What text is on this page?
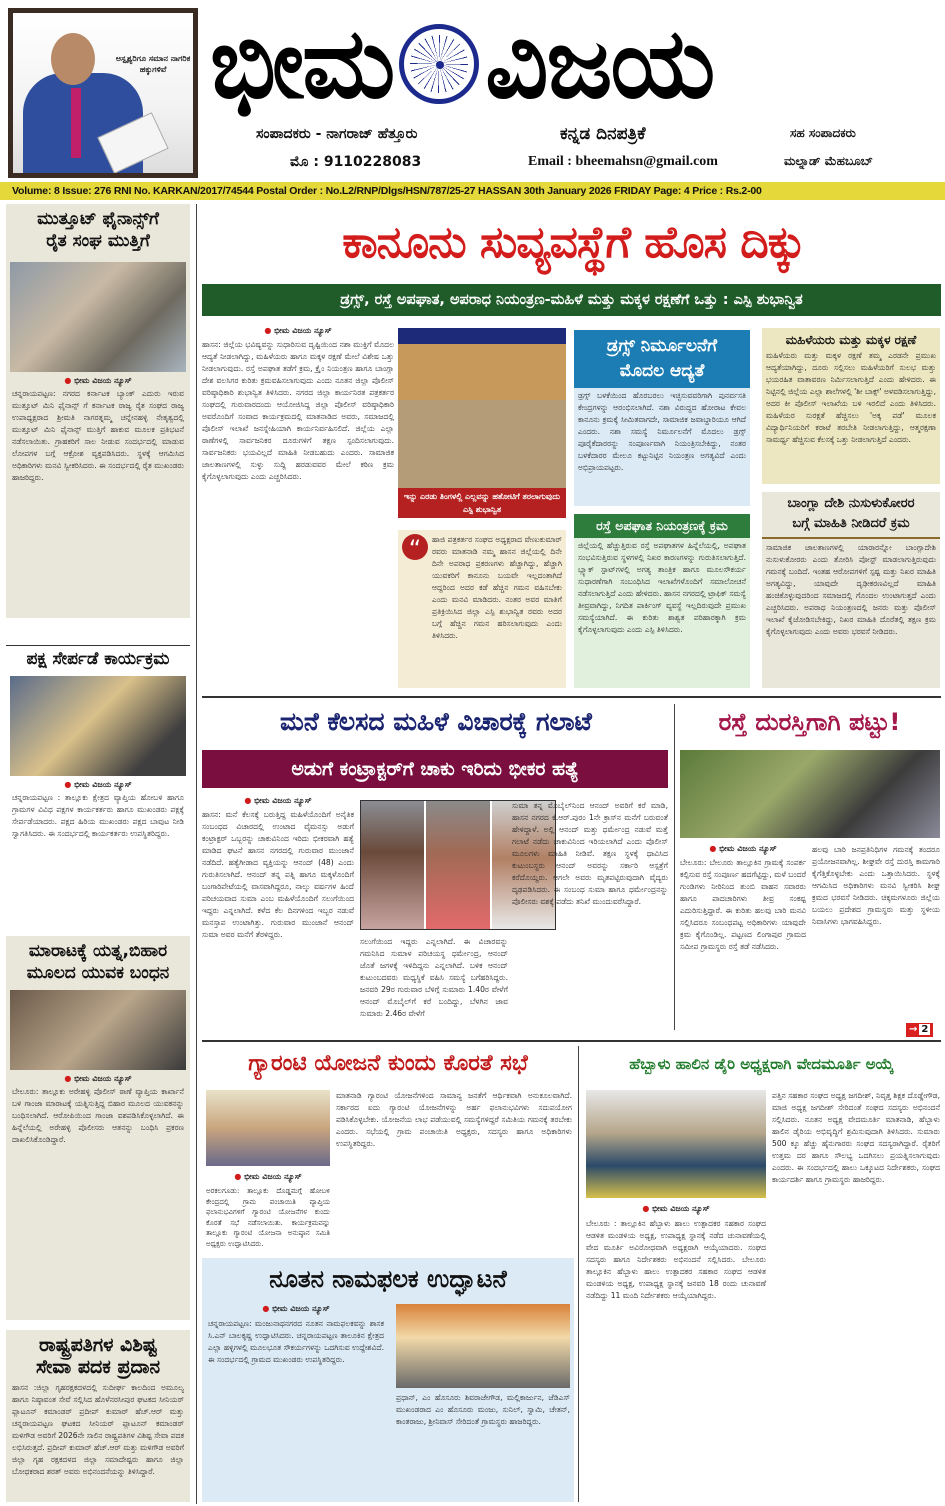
ಅಸ್ಪೃಶ್ಯರಿಗೂ ಸಮಾನ ನಾಗರಿಕ ಹಕ್ಕುಗಳಿವೆ ಭೀಮ ವಿಜಯ
ಸಂಪಾದಕರು - ನಾಗರಾಜ್ ಹೆತ್ತೂರು
ಮೊ : 9110228083
ಕನ್ನಡ ದಿನಪತ್ರಿಕೆ
Email : bheemahsn@gmail.com
ಸಹ ಸಂಪಾದಕರು
ಮಲ್ನಾಡ್ ಮೆಹಬೂಬ್
Volume: 8 Issue: 276 RNI No. KARKAN/2017/74544 Postal Order : No.L2/RNP/Dlgs/HSN/787/25-27 HASSAN 30th January 2026 FRIDAY Page: 4 Price : Rs.2-00
ಮುತ್ತೂಟ್ ಫೈನಾನ್ಸ್‌ಗೆ
ರೈತ ಸಂಘ ಮುತ್ತಿಗೆ
● ಭೀಮ ವಿಜಯ ನ್ಯೂಸ್
ಚನ್ನರಾಯಪಟ್ಟಣ: ನಗರದ ಕರ್ನಾಟಕ ಬ್ಯಾಂಕ್ ಎದುರು ಇರುವ ಮುತ್ತೂಟ್ ಮಿನಿ ಫೈನಾನ್ಸ್ ಗೆ ಕರ್ನಾಟಕ ರಾಜ್ಯ ರೈತ ಸಂಘದ ರಾಜ್ಯ ಉಪಾಧ್ಯಕ್ಷರಾದ ಶ್ರೀಮತಿ ನಾಗರತ್ನಮ್ಮ ಚನ್ನೇನಹಳ್ಳಿ ನೇತೃತ್ವದಲ್ಲಿ ಮುತ್ತೂಟ್ ಮಿನಿ ಫೈನಾನ್ಸ್ ಮುತ್ತಿಗೆ ಹಾಕುವ ಮೂಲಕ ಪ್ರತಿಭಟನೆ ನಡೆಸಲಾಯಿತು. ಗ್ರಾಹಕರಿಗೆ ಸಾಲ ನೀಡುವ ಸಂದರ್ಭದಲ್ಲಿ ಮಾಡುವ ಲೋಪಗಳ ಬಗ್ಗೆ ಆಕ್ರೋಶ ವ್ಯಕ್ತಪಡಿಸಿದರು. ಸ್ಥಳಕ್ಕೆ ಆಗಮಿಸಿದ ಅಧಿಕಾರಿಗಳು ಮನವಿ ಸ್ವೀಕರಿಸಿದರು. ಈ ಸಂದರ್ಭದಲ್ಲಿ ರೈತ ಮುಖಂಡರು ಹಾಜರಿದ್ದರು.
ಪಕ್ಷ ಸೇರ್ಪಡೆ ಕಾರ್ಯಕ್ರಮ
● ಭೀಮ ವಿಜಯ ನ್ಯೂಸ್
ಚನ್ನರಾಯಪಟ್ಟಣ : ತಾಲ್ಲೂಕು ಕ್ಷೇತ್ರದ ವ್ಯಾಪ್ತಿಯ ಹೋಬಳಿ ಹಾಗೂ ಗ್ರಾಮಗಳ ವಿವಿಧ ಪಕ್ಷಗಳ ಕಾರ್ಯಕರ್ತರು ಹಾಗೂ ಮುಖಂಡರು ಪಕ್ಷಕ್ಕೆ ಸೇರ್ಪಡೆಯಾದರು. ಪಕ್ಷದ ಹಿರಿಯ ಮುಖಂಡರು ಪಕ್ಷದ ಬಾವುಟ ನೀಡಿ ಸ್ವಾಗತಿಸಿದರು. ಈ ಸಂದರ್ಭದಲ್ಲಿ ಕಾರ್ಯಕರ್ತರು ಉಪಸ್ಥಿತರಿದ್ದರು.
ಮಾರಾಟಕ್ಕೆ ಯತ್ನ,ಬಿಹಾರ
ಮೂಲದ ಯುವಕ ಬಂಧನ
● ಭೀಮ ವಿಜಯ ನ್ಯೂಸ್
ಬೇಲೂರು: ತಾಲ್ಲೂಕು ಅರೇಹಳ್ಳಿ ಪೊಲೀಸ್ ಠಾಣೆ ವ್ಯಾಪ್ತಿಯ ಕಾರ್ಖಾನೆ ಬಳಿ ಗಾಂಜಾ ಮಾರಾಟಕ್ಕೆ ಯತ್ನಿಸುತ್ತಿದ್ದ ಬಿಹಾರ ಮೂಲದ ಯುವಕನನ್ನು ಬಂಧಿಸಲಾಗಿದೆ. ಆರೋಪಿಯಿಂದ ಗಾಂಜಾ ವಶಪಡಿಸಿಕೊಳ್ಳಲಾಗಿದೆ. ಈ ಹಿನ್ನೆಲೆಯಲ್ಲಿ ಅರೇಹಳ್ಳಿ ಪೊಲೀಸರು ಆತನನ್ನು ಬಂಧಿಸಿ ಪ್ರಕರಣ ದಾಖಲಿಸಿಕೊಂಡಿದ್ದಾರೆ.
ರಾಷ್ಟ್ರಪತಿಗಳ ವಿಶಿಷ್ಟ
ಸೇವಾ ಪದಕ ಪ್ರದಾನ
ಹಾಸನ :ಜಿಲ್ಲಾ ಗೃಹರಕ್ಷಕದಳದಲ್ಲಿ ಸುದೀರ್ಘ ಕಾಲದಿಂದ ಅಮೂಲ್ಯ ಹಾಗೂ ನಿಷ್ಠಾವಂತ ಸೇವೆ ಸಲ್ಲಿಸಿದ ಹೊಳೆನರಸೀಪುರ ಘಟಕದ ಸೀನಿಯರ್ ಪ್ಲಾಟೂನ್ ಕಮಾಂಡರ್ ಪ್ರದೀಪ್ ಕುಮಾರ್ ಹೆಚ್.ಆರ್ ಮತ್ತು ಚನ್ನರಾಯಪಟ್ಟಣ ಘಟಕದ ಸೀನಿಯರ್ ಪ್ಲಾಟೂನ್ ಕಮಾಂಡರ್ ಮಳಿಗೌಡ ಅವರಿಗೆ 2026ನೇ ಸಾಲಿನ ರಾಷ್ಟ್ರಪತಿಗಳ ವಿಶಿಷ್ಟ ಸೇವಾ ಪದಕ ಲಭಿಸಿರುತ್ತದೆ. ಪ್ರದೀಪ್ ಕುಮಾರ್ ಹೆಚ್.ಆರ್ ಮತ್ತು ಮಳಿಗೌಡ ಅವರಿಗೆ ಜಿಲ್ಲಾ ಗೃಹ ರಕ್ಷಕದಳದ ಜಿಲ್ಲಾ ಸಮಾದೇಷ್ಟರು ಹಾಗೂ ಜಿಲ್ಲಾ ಬೋಧಕರಾದ ಶರತ್ ಅವರು ಅಭಿನಂದನೆಯನ್ನು ತಿಳಿಸಿದ್ದಾರೆ.
ಕಾನೂನು ಸುವ್ಯವಸ್ಥೆಗೆ ಹೊಸ ದಿಕ್ಕು
ಡ್ರಗ್ಸ್, ರಸ್ತೆ ಅಪಘಾತ, ಅಪರಾಧ ನಿಯಂತ್ರಣ-ಮಹಿಳೆ ಮತ್ತು ಮಕ್ಕಳ ರಕ್ಷಣೆಗೆ ಒತ್ತು : ಎಸ್ಪಿ ಶುಭಾನ್ವಿತ
● ಭೀಮ ವಿಜಯ ನ್ಯೂಸ್
ಹಾಸನ: ಜಿಲ್ಲೆಯ ಭವಿಷ್ಯವನ್ನು ಸುಧಾರಿಸುವ ದೃಷ್ಟಿಯಿಂದ ನಶಾ ಮುಕ್ತಿಗೆ ಮೊದಲ ಆದ್ಯತೆ ನೀಡಲಾಗಿದ್ದು, ಮಹಿಳೆಯರು ಹಾಗೂ ಮಕ್ಕಳ ರಕ್ಷಣೆ ಮೇಲೆ ವಿಶೇಷ ಒತ್ತು ನೀಡಲಾಗುವುದು. ರಸ್ತೆ ಅಪಘಾತ ತಡೆಗೆ ಕ್ರಮ, ಕ್ರೈಂ ನಿಯಂತ್ರಣ ಹಾಗೂ ಬಾಂಗ್ಲಾ ದೇಶ ವಲಸಿಗರ ಕುರಿತು ಕ್ರಮವಹಿಸಲಾಗುವುದು ಎಂದು ನೂತನ ಜಿಲ್ಲಾ ಪೊಲೀಸ್ ವರಿಷ್ಠಾಧಿಕಾರಿ ಶುಭಾನ್ವಿತ ತಿಳಿಸಿದರು. ನಗರದ ಜಿಲ್ಲಾ ಕಾರ್ಯನಿರತ ಪತ್ರಕರ್ತರ ಸಂಘದಲ್ಲಿ ಗುರುವಾರದಂದು ಆಯೋಜಿಸಿದ್ದ ಜಿಲ್ಲಾ ಪೊಲೀಸ್ ವರಿಷ್ಠಾಧಿಕಾರಿ ಅವರೊಂದಿಗೆ ಸಂವಾದ ಕಾರ್ಯಕ್ರಮದಲ್ಲಿ ಮಾತನಾಡಿದ ಅವರು, ಸಮಾಜದಲ್ಲಿ ಪೊಲೀಸ್ ಇಲಾಖೆ ಜನಸ್ನೇಹಿಯಾಗಿ ಕಾರ್ಯನಿರ್ವಹಿಸಲಿದೆ. ಜಿಲ್ಲೆಯ ಎಲ್ಲಾ ಠಾಣೆಗಳಲ್ಲಿ ಸಾರ್ವಜನಿಕರ ದೂರುಗಳಿಗೆ ತಕ್ಷಣ ಸ್ಪಂದಿಸಲಾಗುವುದು. ಸಾರ್ವಜನಿಕರು ಭಯವಿಲ್ಲದೆ ಮಾಹಿತಿ ನೀಡಬಹುದು ಎಂದರು. ಸಾಮಾಜಿಕ ಜಾಲತಾಣಗಳಲ್ಲಿ ಸುಳ್ಳು ಸುದ್ದಿ ಹರಡುವವರ ಮೇಲೆ ಕಠಿಣ ಕ್ರಮ ಕೈಗೊಳ್ಳಲಾಗುವುದು ಎಂದು ಎಚ್ಚರಿಸಿದರು.
ಇನ್ನು ಎರಡು ತಿಂಗಳಲ್ಲಿ ಎಲ್ಲವನ್ನು ಹತೋಟಿಗೆ ತರಲಾಗುವುದು ಎಸ್ಪಿ ಶುಭಾನ್ವಿತ
“	ಹಾಜಿ ಪತ್ರಕರ್ತರ ಸಂಘದ ಅಧ್ಯಕ್ಷರಾದ ವೇಣುಕುಮಾರ್ ರವರು ಮಾತನಾಡಿ ನಮ್ಮ ಹಾಸನ ಜಿಲ್ಲೆಯಲ್ಲಿ ದಿನೇ ದಿನೇ ಅಪರಾಧ ಪ್ರಕರಣಗಳು ಹೆಚ್ಚಾಗಿದ್ದು, ಹೆಚ್ಚಾಗಿ ಯುವಕರಿಗೆ ಕಾನೂನು ಬಯವೇ ಇಲ್ಲದಂತಾಗಿದೆ ಆದ್ದರಿಂದ ಅದರ ಕಡೆ ಹೆಚ್ಚಿನ ಗಮನ ವಹಿಸಬೇಕು ಎಂದು ಮನವಿ ಮಾಡಿದರು. ನಂತರ ಅವರ ಮಾತಿಗೆ ಪ್ರತಿಕ್ರಿಯಿಸಿದ ಜಿಲ್ಲಾ ಎಸ್ಪಿ ಶುಭಾನ್ವಿತ ರವರು ಅದರ ಬಗ್ಗೆ ಹೆಚ್ಚಿನ ಗಮನ ಹರಿಸಲಾಗುವುದು ಎಂದು ತಿಳಿಸಿದರು.
ಡ್ರಗ್ಸ್ ನಿರ್ಮೂಲನೆಗೆ
ಮೊದಲ ಆದ್ಯತೆ
ಡ್ರಗ್ಸ್ ಬಳಕೆಯಿಂದ ಹೊರಬರಲು ಇಚ್ಛಿಸುವವರಿಗಾಗಿ ಪುನರ್ವಸತಿ ಕೇಂದ್ರಗಳನ್ನು ಆರಂಭಿಸಲಾಗಿದೆ. ನಶಾ ವಿರುದ್ಧದ ಹೋರಾಟ ಕೇವಲ ಕಾನೂನು ಕ್ರಮಕ್ಕೆ ಸೀಮಿತವಾಗದೇ, ಸಾಮಾಜಿಕ ಜವಾಬ್ದಾರಿಯೂ ಆಗಿದೆ ಎಂದರು. ನಶಾ ಸಮಸ್ಯೆ ನಿರ್ಮೂಲನೆಗೆ ಮೊದಲು ಡ್ರಗ್ಸ್ ಪೂರೈಕೆದಾರರನ್ನು ಸಂಪೂರ್ಣವಾಗಿ ನಿಯಂತ್ರಿಸಬೇಕಿದ್ದು, ನಂತರ ಬಳಕೆದಾರರ ಮೇಲೂ ಕಟ್ಟುನಿಟ್ಟಿನ ನಿಯಂತ್ರಣ ಅಗತ್ಯವಿದೆ ಎಂದು ಅಭಿಪ್ರಾಯಪಟ್ಟರು.
ರಸ್ತೆ ಅಪಘಾತ ನಿಯಂತ್ರಣಕ್ಕೆ ಕ್ರಮ
ಜಿಲ್ಲೆಯಲ್ಲಿ ಹೆಚ್ಚುತ್ತಿರುವ ರಸ್ತೆ ಅಪಘಾತಗಳ ಹಿನ್ನೆಲೆಯಲ್ಲಿ, ಅಪಘಾತ ಸಂಭವಿಸುತ್ತಿರುವ ಸ್ಥಳಗಳಲ್ಲಿ ನಿಖರ ಕಾರಣಗಳನ್ನು ಗುರುತಿಸಲಾಗುತ್ತಿದೆ. ಬ್ಲ್ಯಾಕ್ ಸ್ಪಾಟ್‌ಗಳಲ್ಲಿ ಅಗತ್ಯ ತಾಂತ್ರಿಕ ಹಾಗೂ ಮೂಲಸೌಕರ್ಯ ಸುಧಾರಣೆಗಾಗಿ ಸಂಬಂಧಿಸಿದ ಇಲಾಖೆಗಳೊಂದಿಗೆ ಸಮಾಲೋಚನೆ ನಡೆಸಲಾಗುತ್ತಿದೆ ಎಂದು ಹೇಳಿದರು. ಹಾಸನ ನಗರದಲ್ಲಿ ಟ್ರಾಫಿಕ್ ಸಮಸ್ಯೆ ತೀವ್ರವಾಗಿದ್ದು, ನಿಗದಿತ ಪಾರ್ಕಿಂಗ್ ವ್ಯವಸ್ಥೆ ಇಲ್ಲದಿರುವುದೇ ಪ್ರಮುಖ ಸಮಸ್ಯೆಯಾಗಿದೆ. ಈ ಕುರಿತು ಶಾಶ್ವತ ಪರಿಹಾರಕ್ಕಾಗಿ ಕ್ರಮ ಕೈಗೊಳ್ಳಲಾಗುವುದು ಎಂದು ಎಸ್ಪಿ ತಿಳಿಸಿದರು.
ಮಹಿಳೆಯರು ಮತ್ತು ಮಕ್ಕಳ ರಕ್ಷಣೆ
ಮಹಿಳೆಯರು ಮತ್ತು ಮಕ್ಕಳ ರಕ್ಷಣೆ ತಮ್ಮ ಎರಡನೇ ಪ್ರಮುಖ ಆದ್ಯತೆಯಾಗಿದ್ದು, ದೂರು ಸಲ್ಲಿಸಲು ಮಹಿಳೆಯರಿಗೆ ಸುಲಭ ಮತ್ತು ಭಯರಹಿತ ವಾತಾವರಣ ನಿರ್ಮಿಸಲಾಗುತ್ತಿದೆ ಎಂದು ಹೇಳಿದರು. ಈ ನಿಟ್ಟಿನಲ್ಲಿ ಜಿಲ್ಲೆಯ ಎಲ್ಲಾ ಶಾಲೆಗಳಲ್ಲಿ 'ಶೀ ಬಾಕ್ಸ್' ಅಳವಡಿಸಲಾಗುತ್ತಿದ್ದು, ಅದರ ಕೀ ಪೊಲೀಸ್ ಇಲಾಖೆಯ ಬಳಿ ಇರಲಿದೆ ಎಂದು ತಿಳಿಸಿದರು. ಮಹಿಳೆಯರ ಸುರಕ್ಷತೆ ಹೆಚ್ಚಿಸಲು 'ಅಕ್ಕ ಪಡೆ' ಮೂಲಕ ವಿದ್ಯಾರ್ಥಿನಿಯರಿಗೆ ಕರಾಟೆ ತರಬೇತಿ ನೀಡಲಾಗುತ್ತಿದ್ದು, ಆತ್ಮರಕ್ಷಣಾ ಸಾಮರ್ಥ್ಯ ಹೆಚ್ಚಿಸುವ ಕೆಲಸಕ್ಕೆ ಒತ್ತು ನೀಡಲಾಗುತ್ತಿದೆ ಎಂದರು.
ಬಾಂಗ್ಲಾ ದೇಶಿ ನುಸುಳುಕೋರರ
ಬಗ್ಗೆ ಮಾಹಿತಿ ನೀಡಿದರೆ ಕ್ರಮ
ಸಾಮಾಜಿಕ ಜಾಲತಾಣಗಳಲ್ಲಿ ಯಾರಾರನ್ನೋ ಬಾಂಗ್ಲಾದೇಶಿ ನುಸುಳುಕೋರರು ಎಂದು ತೋರಿಸಿ ಪೋಸ್ಟ್ ಮಾಡಲಾಗುತ್ತಿರುವುದು ಗಮನಕ್ಕೆ ಬಂದಿದೆ. ಇಂತಹ ಆರೋಪಗಳಿಗೆ ಸ್ಪಷ್ಟ ಮತ್ತು ನಿಖರ ಮಾಹಿತಿ ಅಗತ್ಯವಿದ್ದು, ಯಾವುದೇ ದೃಢೀಕರಣವಿಲ್ಲದೆ ಮಾಹಿತಿ ಹಂಚಿಕೊಳ್ಳುವುದರಿಂದ ಸಮಾಜದಲ್ಲಿ ಗೊಂದಲ ಉಂಟಾಗುತ್ತದೆ ಎಂದು ಎಚ್ಚರಿಸಿದರು. ಅಪರಾಧ ನಿಯಂತ್ರಣದಲ್ಲಿ ಜನರು ಮತ್ತು ಪೊಲೀಸ್ ಇಲಾಖೆ ಕೈಜೋಡಿಸಬೇಕಿದ್ದು, ನಿಖರ ಮಾಹಿತಿ ದೊರೆತಲ್ಲಿ ತಕ್ಷಣ ಕ್ರಮ ಕೈಗೊಳ್ಳಲಾಗುವುದು ಎಂದು ಅವರು ಭರವಸೆ ನೀಡಿದರು.
ಮನೆ ಕೆಲಸದ ಮಹಿಳೆ ವಿಚಾರಕ್ಕೆ ಗಲಾಟೆ
ಅಡುಗೆ ಕಂಟ್ರಾಕ್ಟರ್‌ಗೆ ಚಾಕು ಇರಿದು ಭೀಕರ ಹತ್ಯೆ
● ಭೀಮ ವಿಜಯ ನ್ಯೂಸ್
ಹಾಸನ: ಮನೆ ಕೆಲಸಕ್ಕೆ ಬರುತ್ತಿದ್ದ ಮಹಿಳೆಯೊಂದಿಗೆ ಅನೈತಿಕ ಸಂಬಂಧದ ವಿಚಾರದಲ್ಲಿ ಉಂಟಾದ ವೈಮನಸ್ಸು ಅಡುಗೆ ಕಂಟ್ರಾಕ್ಟರ್ ಒಬ್ಬರನ್ನು ಚಾಕುವಿನಿಂದ ಇರಿದು ಭೀಕರವಾಗಿ ಹತ್ಯೆ ಮಾಡಿದ ಘಟನೆ ಹಾಸನ ನಗರದಲ್ಲಿ ಗುರುವಾರ ಮುಂಜಾನೆ ನಡೆದಿದೆ. ಹತ್ಯೆಗೀಡಾದ ವ್ಯಕ್ತಿಯನ್ನು ಆನಂದ್ (48) ಎಂದು ಗುರುತಿಸಲಾಗಿದೆ. ಆನಂದ್ ತನ್ನ ಪತ್ನಿ ಹಾಗೂ ಮಕ್ಕಳೊಂದಿಗೆ ಬಂಗಾರಿಪೇಟೆಯಲ್ಲಿ ವಾಸವಾಗಿದ್ದರೂ, ನಾಲ್ಕು ವರ್ಷಗಳ ಹಿಂದೆ ಪರಿಚಯವಾದ ಸುಮಾ ಎಂಬ ಮಹಿಳೆಯೊಂದಿಗೆ ಸಲುಗೆಯಿಂದ ಇದ್ದರು ಎನ್ನಲಾಗಿದೆ. ಕಳೆದ ಕೆಲ ದಿನಗಳಿಂದ ಇಬ್ಬರ ನಡುವೆ ಮನಸ್ತಾಪ ಉಂಟಾಗಿತ್ತು. ಗುರುವಾರ ಮುಂಜಾನೆ ಆನಂದ್ ಸುಮಾ ಅವರ ಮನೆಗೆ ತೆರಳಿದ್ದರು.
ಸಲುಗೆಯಿಂದ ಇದ್ದರು ಎನ್ನಲಾಗಿದೆ. ಈ ವಿಚಾರವನ್ನು ಗಮನಿಸಿದ ಸುಮಾಳ ಪರಿಚಯಸ್ಥ ಧರ್ಮೇಂದ್ರ, ಆನಂದ್ ಜೊತೆ ಜಗಳಕ್ಕೆ ಇಳಿದಿದ್ದನು ಎನ್ನಲಾಗಿದೆ. ಬಳಿಕ ಆನಂದ್ ಕುಟುಂಬದವರು ಮಧ್ಯಸ್ಥಿಕೆ ವಹಿಸಿ ಸಮಸ್ಯೆ ಬಗೆಹರಿಸಿದ್ದರು. ಜನವರಿ 29ರ ಗುರುವಾರ ಬೆಳಿಗ್ಗೆ ಸುಮಾರು 1.40ರ ವೇಳೆಗೆ ಆನಂದ್ ಮೊಬೈಲ್‌ಗೆ ಕರೆ ಬಂದಿದ್ದು, ಬೆಳಗಿನ ಜಾವ ಸುಮಾರು 2.46ರ ವೇಳೆಗೆ
ಸುಮಾ ತನ್ನ ಮೊಬೈಲ್‌ನಿಂದ ಆನಂದ್ ಅವರಿಗೆ ಕರೆ ಮಾಡಿ, ಹಾಸನ ನಗರದ ಕೆ.ಆರ್.ಪುರಂ 1ನೇ ಕ್ರಾಸ್‌ನ ಮನೆಗೆ ಬರುವಂತೆ ಹೇಳಿದ್ದಾಳೆ. ಅಲ್ಲಿ ಆನಂದ್ ಮತ್ತು ಧರ್ಮೇಂದ್ರ ನಡುವೆ ಮತ್ತೆ ಗಲಾಟೆ ನಡೆದು ಚಾಕುವಿನಿಂದ ಇರಿಯಲಾಗಿದೆ ಎಂದು ಪೊಲೀಸ್ ಮೂಲಗಳು ಮಾಹಿತಿ ನೀಡಿವೆ. ತಕ್ಷಣ ಸ್ಥಳಕ್ಕೆ ಧಾವಿಸಿದ ಕುಟುಂಬಸ್ಥರು ಆನಂದ್ ಅವರನ್ನು ಸರ್ಕಾರಿ ಆಸ್ಪತ್ರೆಗೆ ಕರೆದೊಯ್ದರು. ಆಗಲೇ ಅವರು ಮೃತಪಟ್ಟಿರುವುದಾಗಿ ವೈದ್ಯರು ದೃಢಪಡಿಸಿದರು. ಈ ಸಂಬಂಧ ಸುಮಾ ಹಾಗೂ ಧರ್ಮೇಂದ್ರನನ್ನು ಪೊಲೀಸರು ವಶಕ್ಕೆ ಪಡೆದು ತನಿಖೆ ಮುಂದುವರೆಸಿದ್ದಾರೆ.
ರಸ್ತೆ ದುರಸ್ತಿಗಾಗಿ ಪಟ್ಟು!
● ಭೀಮ ವಿಜಯ ನ್ಯೂಸ್
ಬೇಲೂರು: ಬೇಲೂರು ತಾಲ್ಲೂಕಿನ ಗ್ರಾಮಕ್ಕೆ ಸಂಪರ್ಕ ಕಲ್ಪಿಸುವ ರಸ್ತೆ ಸಂಪೂರ್ಣ ಹದಗೆಟ್ಟಿದ್ದು, ಮಳೆ ಬಂದರೆ ಗುಂಡಿಗಳು ನೀರಿನಿಂದ ತುಂಬಿ ವಾಹನ ಸವಾರರು ಹಾಗೂ ಪಾದಚಾರಿಗಳು ತೀವ್ರ ಸಂಕಷ್ಟ ಎದುರಿಸುತ್ತಿದ್ದಾರೆ. ಈ ಕುರಿತು ಹಲವು ಬಾರಿ ಮನವಿ ಸಲ್ಲಿಸಿದರೂ ಸಂಬಂಧಪಟ್ಟ ಅಧಿಕಾರಿಗಳು ಯಾವುದೇ ಕ್ರಮ ಕೈಗೊಂಡಿಲ್ಲ. ಪಟ್ಟಣದ ಲಿಂಗಾಪುರ ಗ್ರಾಮದ ಸಮೀಪ ಗ್ರಾಮಸ್ಥರು ರಸ್ತೆ ತಡೆ ನಡೆಸಿದರು.
ಹಲವು ಬಾರಿ ಜನಪ್ರತಿನಿಧಿಗಳ ಗಮನಕ್ಕೆ ತಂದರೂ ಪ್ರಯೋಜನವಾಗಿಲ್ಲ. ಶೀಘ್ರವೇ ರಸ್ತೆ ದುರಸ್ತಿ ಕಾಮಗಾರಿ ಕೈಗೆತ್ತಿಕೊಳ್ಳಬೇಕು ಎಂದು ಒತ್ತಾಯಿಸಿದರು. ಸ್ಥಳಕ್ಕೆ ಆಗಮಿಸಿದ ಅಧಿಕಾರಿಗಳು ಮನವಿ ಸ್ವೀಕರಿಸಿ ಶೀಘ್ರ ಕ್ರಮದ ಭರವಸೆ ನೀಡಿದರು. ಚಿಕ್ಕಮಗಳೂರು ಜಿಲ್ಲೆಯ ಬಯಲು ಪ್ರದೇಶದ ಗ್ರಾಮಸ್ಥರು ಮತ್ತು ಸ್ಥಳೀಯ ನಿವಾಸಿಗಳು ಭಾಗವಹಿಸಿದ್ದರು.
→ 2
ಗ್ಯಾರಂಟಿ ಯೋಜನೆ ಕುಂದು ಕೊರತೆ ಸಭೆ
● ಭೀಮ ವಿಜಯ ನ್ಯೂಸ್
ಅರಕಲಗೂಡು: ತಾಲ್ಲೂಕು ದೊಡ್ಡಮಗ್ಗೆ ಹೋಬಳಿ ಕೇಂದ್ರದಲ್ಲಿ ಗ್ರಾಮ ಪಂಚಾಯಿತಿ ವ್ಯಾಪ್ತಿಯ ಫಲಾನುಭವಿಗಳಿಗೆ ಗ್ಯಾರಂಟಿ ಯೋಜನೆಗಳ ಕುಂದು ಕೊರತೆ ಸಭೆ ನಡೆಸಲಾಯಿತು. ಕಾರ್ಯಕ್ರಮವನ್ನು ತಾಲ್ಲೂಕು ಗ್ಯಾರಂಟಿ ಯೋಜನಾ ಅನುಷ್ಠಾನ ಸಮಿತಿ ಅಧ್ಯಕ್ಷರು ಉದ್ಘಾಟಿಸಿದರು.
ಮಾತನಾಡಿ ಗ್ಯಾರಂಟಿ ಯೋಜನೆಗಳಿಂದ ಸಾಮಾನ್ಯ ಜನತೆಗೆ ಆರ್ಥಿಕವಾಗಿ ಅನುಕೂಲವಾಗಿದೆ. ಸರ್ಕಾರದ ಐದು ಗ್ಯಾರಂಟಿ ಯೋಜನೆಗಳನ್ನು ಅರ್ಹ ಫಲಾನುಭವಿಗಳು ಸದುಪಯೋಗ ಪಡಿಸಿಕೊಳ್ಳಬೇಕು. ಯೋಜನೆಯ ಲಾಭ ಪಡೆಯುವಲ್ಲಿ ಸಮಸ್ಯೆಗಳಿದ್ದರೆ ಸಮಿತಿಯ ಗಮನಕ್ಕೆ ತರಬೇಕು ಎಂದರು. ಸಭೆಯಲ್ಲಿ ಗ್ರಾಮ ಪಂಚಾಯಿತಿ ಅಧ್ಯಕ್ಷರು, ಸದಸ್ಯರು ಹಾಗೂ ಅಧಿಕಾರಿಗಳು ಉಪಸ್ಥಿತರಿದ್ದರು.
ನೂತನ ನಾಮಫಲಕ ಉದ್ಘಾಟನೆ
● ಭೀಮ ವಿಜಯ ನ್ಯೂಸ್
ಚನ್ನರಾಯಪಟ್ಟಣ: ಮಂಜುನಾಥನಗರದ ನೂತನ ನಾಮಫಲಕವನ್ನು ಶಾಸಕ ಸಿ.ಎನ್ ಬಾಲಕೃಷ್ಣ ಉದ್ಘಾಟಿಸಿದರು. ಚನ್ನರಾಯಪಟ್ಟಣ ತಾಲೂಕಿನ ಕ್ಷೇತ್ರದ ಎಲ್ಲಾ ಹಳ್ಳಿಗಳಲ್ಲಿ ಮೂಲಭೂತ ಸೌಕರ್ಯಗಳನ್ನು ಒದಗಿಸುವ ಉದ್ದೇಶವಿದೆ. ಈ ಸಂದರ್ಭದಲ್ಲಿ ಗ್ರಾಮದ ಮುಖಂಡರು ಉಪಸ್ಥಿತರಿದ್ದರು.
ಪ್ರಧಾನ್, ಎಂ ಹೊಸೂರು ಶಿವರಾಜೇಗೌಡ, ಮಲ್ಲಿಕಾರ್ಜುನ, ಜೆಡಿಎಸ್ ಮುಖಂಡರಾದ ಎಂ ಹೊಸೂರು ಮಂಜು, ಸುನಿಲ್, ಸ್ವಾಮಿ, ಚೇತನ್, ಕಾಂತರಾಜು, ಶ್ರೀನಿವಾಸ್ ಸೇರಿದಂತೆ ಗ್ರಾಮಸ್ಥರು ಹಾಜರಿದ್ದರು.
ಹೆಬ್ಬಾಳು ಹಾಲಿನ ಡೈರಿ ಅಧ್ಯಕ್ಷರಾಗಿ ವೇದಮೂರ್ತಿ ಅಯ್ಕೆ
● ಭೀಮ ವಿಜಯ ನ್ಯೂಸ್
ಬೇಲೂರು : ತಾಲ್ಲೂಕಿನ ಹೆಬ್ಬಾಳು ಹಾಲು ಉತ್ಪಾದಕರ ಸಹಕಾರ ಸಂಘದ ಆಡಳಿತ ಮಂಡಳಿಯ ಅಧ್ಯಕ್ಷ, ಉಪಾಧ್ಯಕ್ಷ ಸ್ಥಾನಕ್ಕೆ ನಡೆದ ಚುನಾವಣೆಯಲ್ಲಿ ವೇದ ಮೂರ್ತಿ ಅವಿರೋಧವಾಗಿ ಅಧ್ಯಕ್ಷರಾಗಿ ಆಯ್ಕೆಯಾದರು. ಸಂಘದ ಸದಸ್ಯರು ಹಾಗೂ ನಿರ್ದೇಶಕರು ಅಭಿನಂದನೆ ಸಲ್ಲಿಸಿದರು. ಬೇಲೂರು ತಾಲ್ಲೂಕಿನ ಹೆಬ್ಬಾಳು ಹಾಲು ಉತ್ಪಾದಕರ ಸಹಕಾರ ಸಂಘದ ಆಡಳಿತ ಮಂಡಳಿಯ ಅಧ್ಯಕ್ಷ, ಉಪಾಧ್ಯಕ್ಷ ಸ್ಥಾನಕ್ಕೆ ಜನವರಿ 18 ರಂದು ಚುನಾವಣೆ ನಡೆದಿದ್ದು 11 ಮಂದಿ ನಿರ್ದೇಶಕರು ಆಯ್ಕೆಯಾಗಿದ್ದರು.
ಪತ್ತಿನ ಸಹಕಾರ ಸಂಘದ ಅಧ್ಯಕ್ಷ ಜಗದೀಶ್, ನಿವೃತ್ತ ಶಿಕ್ಷಕ ದೊಡ್ಡೇಗೌಡ, ಮಾಜಿ ಅಧ್ಯಕ್ಷ ಜಗದೀಶ್ ಸೇರಿದಂತೆ ಸಂಘದ ಸದಸ್ಯರು ಅಭಿನಂದನೆ ಸಲ್ಲಿಸಿದರು. ನೂತನ ಅಧ್ಯಕ್ಷ ವೇದಮೂರ್ತಿ ಮಾತನಾಡಿ, ಹೆಬ್ಬಾಳು ಹಾಲಿನ ಡೈರಿಯ ಅಭಿವೃದ್ಧಿಗೆ ಶ್ರಮಿಸುವುದಾಗಿ ತಿಳಿಸಿದರು. ಸುಮಾರು 500 ಕ್ಕೂ ಹೆಚ್ಚು ಹೈನುಗಾರರು ಸಂಘದ ಸದಸ್ಯರಾಗಿದ್ದಾರೆ. ರೈತರಿಗೆ ಉತ್ತಮ ದರ ಹಾಗೂ ಸೌಲಭ್ಯ ಒದಗಿಸಲು ಪ್ರಯತ್ನಿಸಲಾಗುವುದು ಎಂದರು. ಈ ಸಂದರ್ಭದಲ್ಲಿ ಹಾಲು ಒಕ್ಕೂಟದ ನಿರ್ದೇಶಕರು, ಸಂಘದ ಕಾರ್ಯದರ್ಶಿ ಹಾಗೂ ಗ್ರಾಮಸ್ಥರು ಹಾಜರಿದ್ದರು.
